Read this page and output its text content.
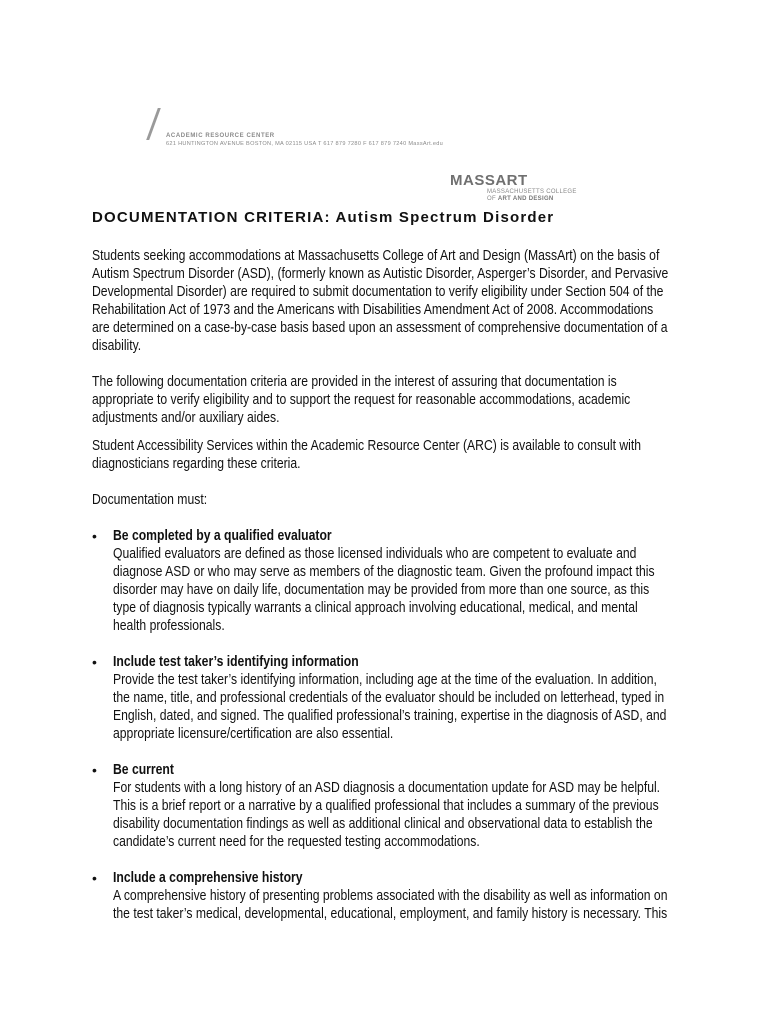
ACADEMIC RESOURCE CENTER
621 HUNTINGTON AVENUE BOSTON, MA 02115 USA T 617 879 7280 F 617 879 7240 MassArt.edu
MASSART
MASSACHUSETTS COLLEGE
OF ART AND DESIGN
DOCUMENTATION CRITERIA: Autism Spectrum Disorder
Students seeking accommodations at Massachusetts College of Art and Design (MassArt) on the basis of
Autism Spectrum Disorder (ASD), (formerly known as Autistic Disorder, Asperger’s Disorder, and Pervasive
Developmental Disorder) are required to submit documentation to verify eligibility under Section 504 of the
Rehabilitation Act of 1973 and the Americans with Disabilities Amendment Act of 2008. Accommodations
are determined on a case-by-case basis based upon an assessment of comprehensive documentation of a
disability.
The following documentation criteria are provided in the interest of assuring that documentation is
appropriate to verify eligibility and to support the request for reasonable accommodations, academic
adjustments and/or auxiliary aides.
Student Accessibility Services within the Academic Resource Center (ARC) is available to consult with
diagnosticians regarding these criteria.
Documentation must:
• Be completed by a qualified evaluator
Qualified evaluators are defined as those licensed individuals who are competent to evaluate and
diagnose ASD or who may serve as members of the diagnostic team. Given the profound impact this
disorder may have on daily life, documentation may be provided from more than one source, as this
type of diagnosis typically warrants a clinical approach involving educational, medical, and mental
health professionals.
• Include test taker’s identifying information
Provide the test taker’s identifying information, including age at the time of the evaluation. In addition,
the name, title, and professional credentials of the evaluator should be included on letterhead, typed in
English, dated, and signed. The qualified professional’s training, expertise in the diagnosis of ASD, and
appropriate licensure/certification are also essential.
• Be current
For students with a long history of an ASD diagnosis a documentation update for ASD may be helpful.
This is a brief report or a narrative by a qualified professional that includes a summary of the previous
disability documentation findings as well as additional clinical and observational data to establish the
candidate’s current need for the requested testing accommodations.
• Include a comprehensive history
A comprehensive history of presenting problems associated with the disability as well as information on
the test taker’s medical, developmental, educational, employment, and family history is necessary. This
